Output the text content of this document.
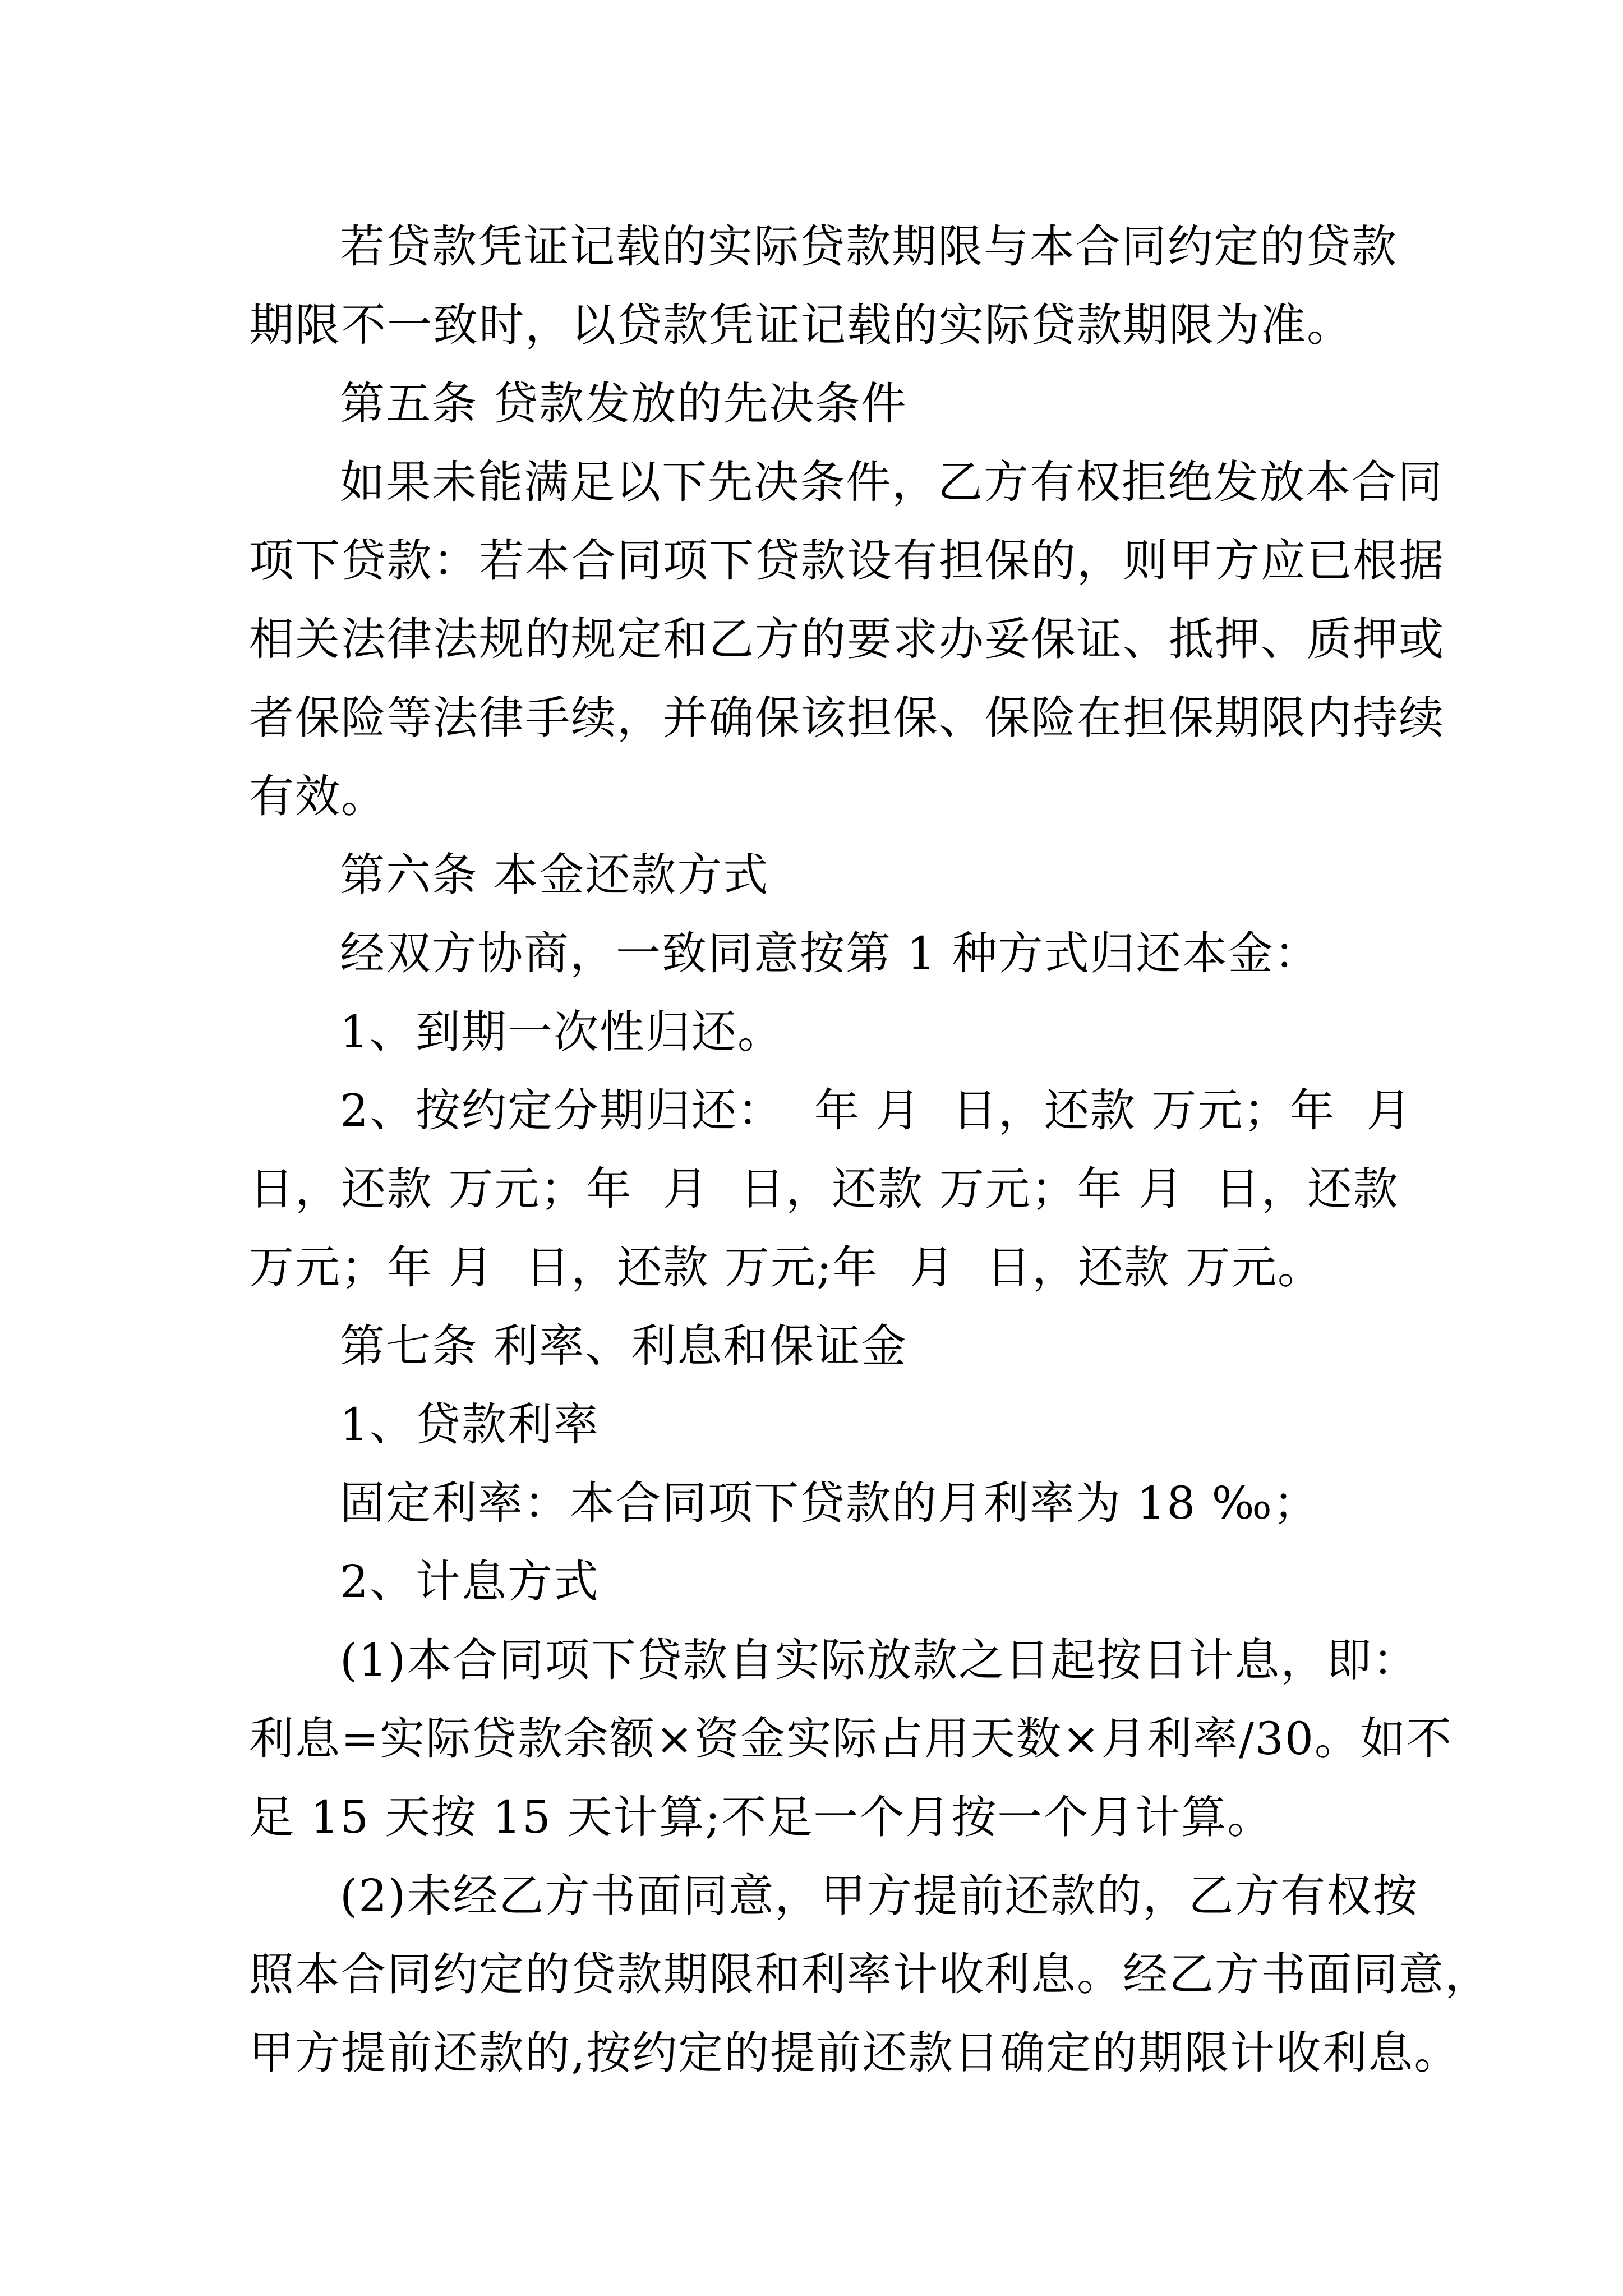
若贷款凭证记载的实际贷款期限与本合同约定的贷款
期限不一致时，以贷款凭证记载的实际贷款期限为准。
第五条 贷款发放的先决条件
如果未能满足以下先决条件，乙方有权拒绝发放本合同
项下贷款：若本合同项下贷款设有担保的，则甲方应已根据
相关法律法规的规定和乙方的要求办妥保证、抵押、质押或
者保险等法律手续，并确保该担保、保险在担保期限内持续
有效。
第六条 本金还款方式
经双方协商，一致同意按第 1 种方式归还本金：
1、到期一次性归还。
2、按约定分期归还：  年 月  日，还款 万元；年  月
日，还款 万元；年  月  日，还款 万元；年 月  日，还款
万元；年 月  日，还款 万元;年  月  日，还款 万元。
第七条 利率、利息和保证金
1、贷款利率
固定利率：本合同项下贷款的月利率为 18 ‰；
2、计息方式
(1)本合同项下贷款自实际放款之日起按日计息，即：
利息=实际贷款余额×资金实际占用天数×月利率/30。如不
足 15 天按 15 天计算;不足一个月按一个月计算。
(2)未经乙方书面同意，甲方提前还款的，乙方有权按
照本合同约定的贷款期限和利率计收利息。经乙方书面同意，
甲方提前还款的,按约定的提前还款日确定的期限计收利息。
